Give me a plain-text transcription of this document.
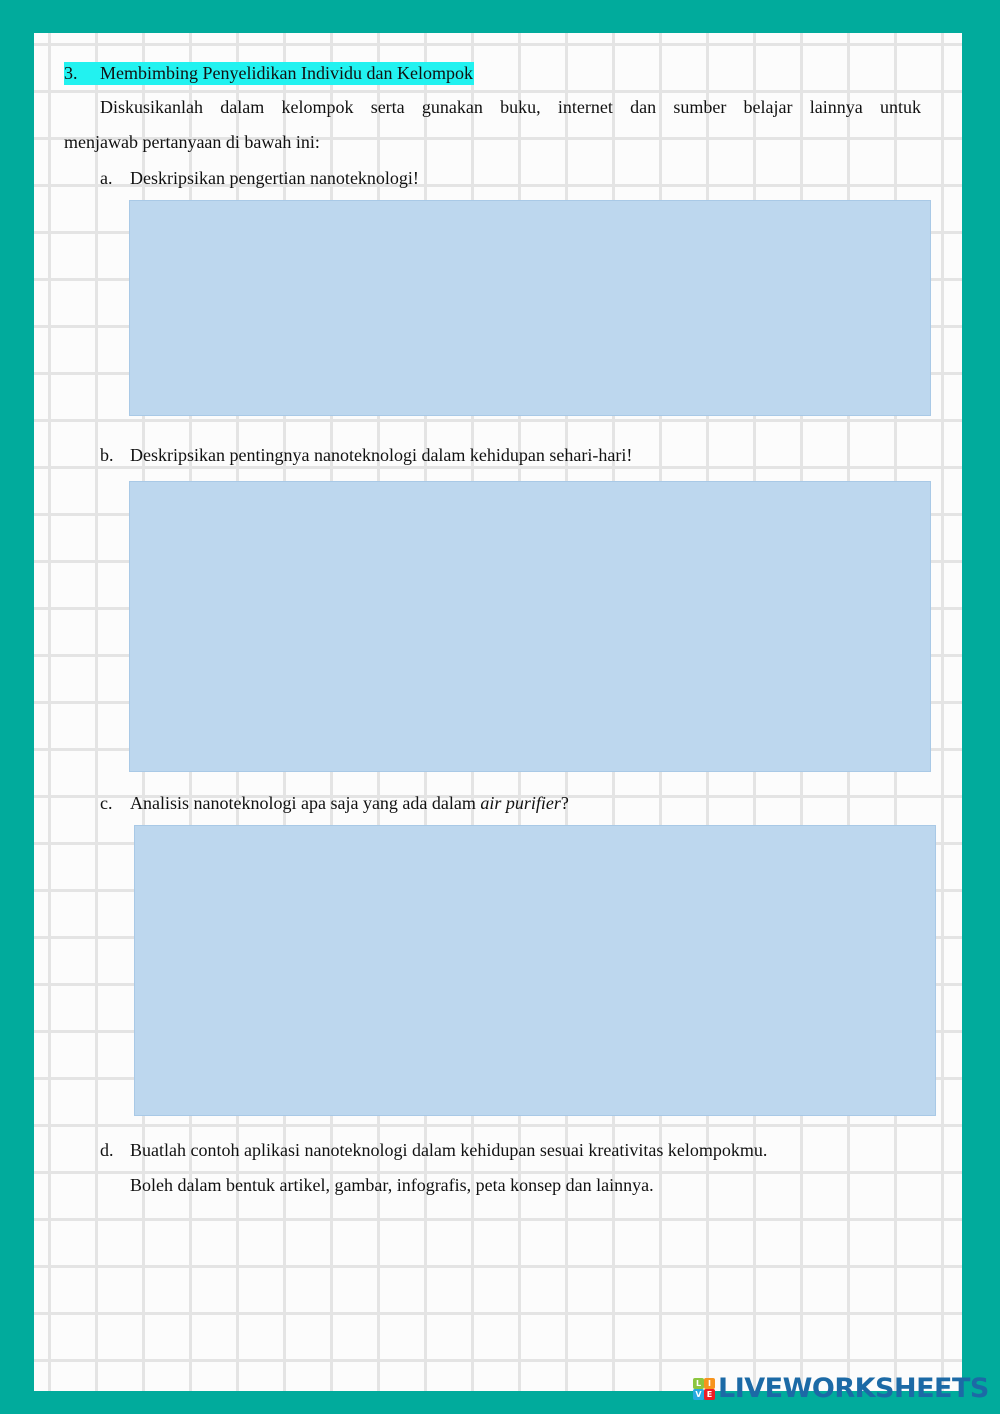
3. Membimbing Penyelidikan Individu dan Kelompok
Diskusikanlah dalam kelompok serta gunakan buku, internet dan sumber belajar lainnya untuk
menjawab pertanyaan di bawah ini:
a. Deskripsikan pengertian nanoteknologi!
b. Deskripsikan pentingnya nanoteknologi dalam kehidupan sehari-hari!
c. Analisis nanoteknologi apa saja yang ada dalam air purifier?
d. Buatlah contoh aplikasi nanoteknologi dalam kehidupan sesuai kreativitas kelompokmu.
Boleh dalam bentuk artikel, gambar, infografis, peta konsep dan lainnya.
L I
V E LIVEWORKSHEETS
